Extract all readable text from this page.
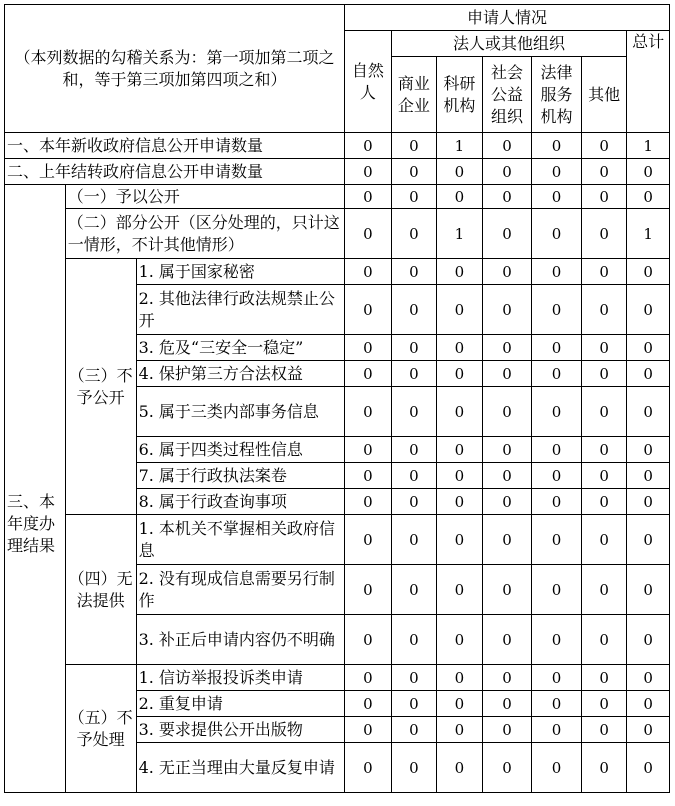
（本列数据的勾稽关系为：第一项加第二项之和，等于第三项加第四项之和）			申请人情况						
			自然人	法人或其他组织					总计
				商业企业	科研机构	社会公益组织	法律服务机构	其他	

一、本年新收政府信息公开申请数量			0	0	1	0	0	0	1
二、上年结转政府信息公开申请数量			0	0	0	0	0	0	0
三、本年度办理结果	（一）予以公开		0	0	0	0	0	0	0
	（二）部分公开（区分处理的，只计这一情形，不计其他情形）		0	0	1	0	0	0	1
	（三）不予公开	1. 属于国家秘密	0	0	0	0	0	0	0
		2. 其他法律行政法规禁止公开	0	0	0	0	0	0	0
		3. 危及“三安全一稳定”	0	0	0	0	0	0	0
		4. 保护第三方合法权益	0	0	0	0	0	0	0
		5. 属于三类内部事务信息	0	0	0	0	0	0	0
		6. 属于四类过程性信息	0	0	0	0	0	0	0
		7. 属于行政执法案卷	0	0	0	0	0	0	0
		8. 属于行政查询事项	0	0	0	0	0	0	0
	（四）无法提供	1. 本机关不掌握相关政府信息	0	0	0	0	0	0	0
		2. 没有现成信息需要另行制作	0	0	0	0	0	0	0
		3. 补正后申请内容仍不明确	0	0	0	0	0	0	0
	（五）不予处理	1. 信访举报投诉类申请	0	0	0	0	0	0	0
		2. 重复申请	0	0	0	0	0	0	0
		3. 要求提供公开出版物	0	0	0	0	0	0	0
		4. 无正当理由大量反复申请	0	0	0	0	0	0	0
